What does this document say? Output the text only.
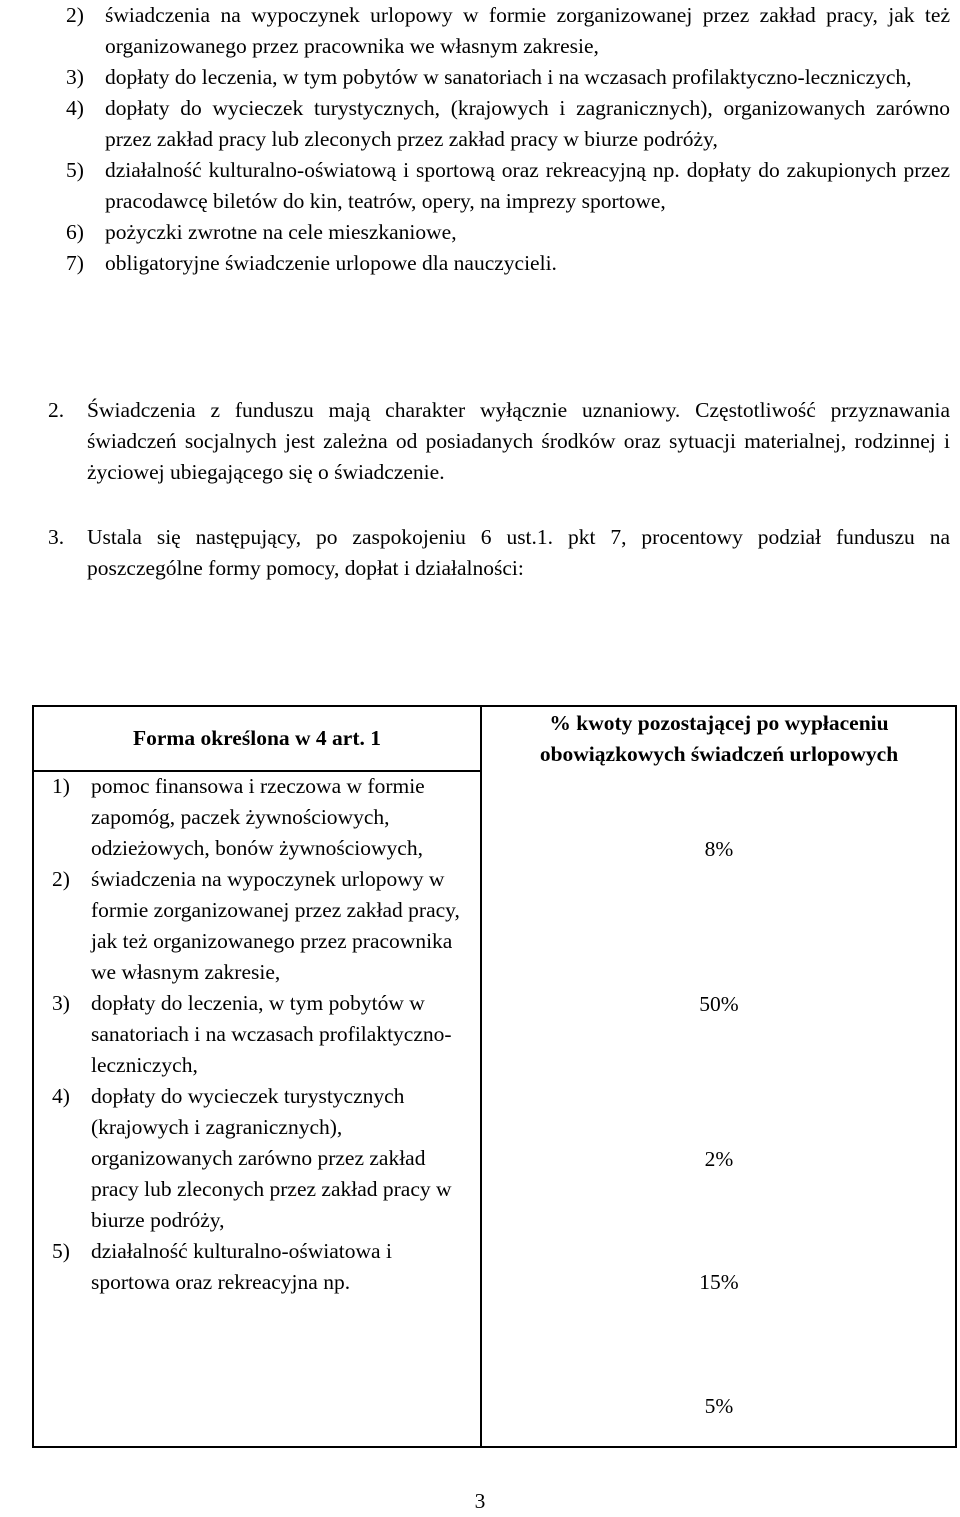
2) świadczenia na wypoczynek urlopowy w formie zorganizowanej przez zakład pracy, jak też organizowanego przez pracownika we własnym zakresie,
3) dopłaty do leczenia, w tym pobytów w sanatoriach i na wczasach profilaktyczno-leczniczych,
4) dopłaty do wycieczek turystycznych, (krajowych i zagranicznych), organizowanych zarówno przez zakład pracy lub zleconych przez zakład pracy w biurze podróży,
5) działalność kulturalno-oświatową i sportową oraz rekreacyjną np. dopłaty do zakupionych przez pracodawcę biletów do kin, teatrów, opery, na imprezy sportowe,
6) pożyczki zwrotne na cele mieszkaniowe,
7) obligatoryjne świadczenie urlopowe dla nauczycieli.
2.	Świadczenia z funduszu mają charakter wyłącznie uznaniowy. Częstotliwość przyznawania świadczeń socjalnych jest zależna od posiadanych środków oraz sytuacji materialnej, rodzinnej i życiowej ubiegającego się o świadczenie.
3.	Ustala się następujący, po zaspokojeniu 6 ust.1. pkt 7, procentowy podział funduszu na poszczególne formy pomocy, dopłat i działalności:
Forma określona w 4 art. 1
% kwoty pozostającej po wypłaceniu obowiązkowych świadczeń urlopowych
1) pomoc finansowa i rzeczowa w formie zapomóg, paczek żywnościowych, odzieżowych, bonów żywnościowych,
2) świadczenia na wypoczynek urlopowy w formie zorganizowanej przez zakład pracy, jak też organizowanego przez pracownika we własnym zakresie,
3) dopłaty do leczenia, w tym pobytów w sanatoriach i na wczasach profilaktyczno-leczniczych,
4) dopłaty do wycieczek turystycznych (krajowych i zagranicznych), organizowanych zarówno przez zakład pracy lub zleconych przez zakład pracy w biurze podróży,
5) działalność kulturalno-oświatowa i sportowa oraz rekreacyjna np.
8%
50%
2%
15%
5%
3
